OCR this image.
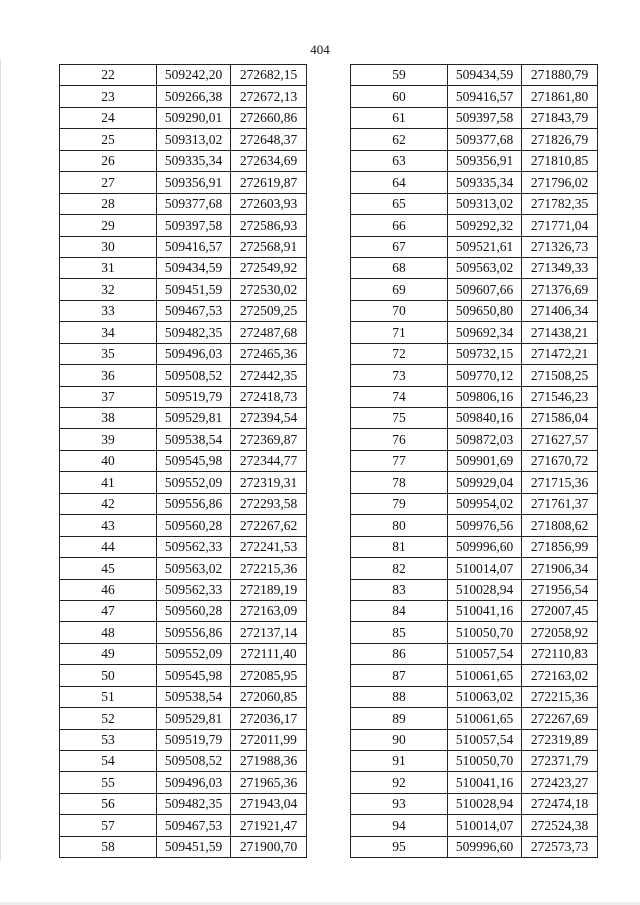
404
22	509242,20	272682,15
23	509266,38	272672,13
24	509290,01	272660,86
25	509313,02	272648,37
26	509335,34	272634,69
27	509356,91	272619,87
28	509377,68	272603,93
29	509397,58	272586,93
30	509416,57	272568,91
31	509434,59	272549,92
32	509451,59	272530,02
33	509467,53	272509,25
34	509482,35	272487,68
35	509496,03	272465,36
36	509508,52	272442,35
37	509519,79	272418,73
38	509529,81	272394,54
39	509538,54	272369,87
40	509545,98	272344,77
41	509552,09	272319,31
42	509556,86	272293,58
43	509560,28	272267,62
44	509562,33	272241,53
45	509563,02	272215,36
46	509562,33	272189,19
47	509560,28	272163,09
48	509556,86	272137,14
49	509552,09	272111,40
50	509545,98	272085,95
51	509538,54	272060,85
52	509529,81	272036,17
53	509519,79	272011,99
54	509508,52	271988,36
55	509496,03	271965,36
56	509482,35	271943,04
57	509467,53	271921,47
58	509451,59	271900,70
59	509434,59	271880,79
60	509416,57	271861,80
61	509397,58	271843,79
62	509377,68	271826,79
63	509356,91	271810,85
64	509335,34	271796,02
65	509313,02	271782,35
66	509292,32	271771,04
67	509521,61	271326,73
68	509563,02	271349,33
69	509607,66	271376,69
70	509650,80	271406,34
71	509692,34	271438,21
72	509732,15	271472,21
73	509770,12	271508,25
74	509806,16	271546,23
75	509840,16	271586,04
76	509872,03	271627,57
77	509901,69	271670,72
78	509929,04	271715,36
79	509954,02	271761,37
80	509976,56	271808,62
81	509996,60	271856,99
82	510014,07	271906,34
83	510028,94	271956,54
84	510041,16	272007,45
85	510050,70	272058,92
86	510057,54	272110,83
87	510061,65	272163,02
88	510063,02	272215,36
89	510061,65	272267,69
90	510057,54	272319,89
91	510050,70	272371,79
92	510041,16	272423,27
93	510028,94	272474,18
94	510014,07	272524,38
95	509996,60	272573,73
